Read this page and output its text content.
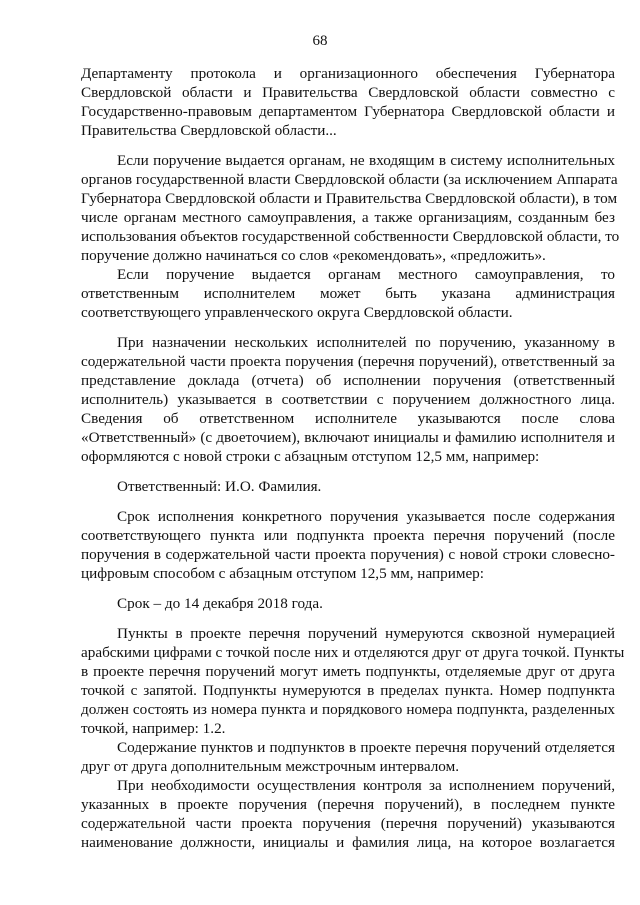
68
Департаменту протокола и организационного обеспечения Губернатора
Свердловской области и Правительства Свердловской области совместно с
Государственно-правовым департаментом Губернатора Свердловской области и
Правительства Свердловской области...
Если поручение выдается органам, не входящим в систему исполнительных
органов государственной власти Свердловской области (за исключением Аппарата
Губернатора Свердловской области и Правительства Свердловской области), в том
числе органам местного самоуправления, а также организациям, созданным без
использования объектов государственной собственности Свердловской области, то
поручение должно начинаться со слов «рекомендовать», «предложить».
Если поручение выдается органам местного самоуправления, то
ответственным исполнителем может быть указана администрация
соответствующего управленческого округа Свердловской области.
При назначении нескольких исполнителей по поручению, указанному в
содержательной части проекта поручения (перечня поручений), ответственный за
представление доклада (отчета) об исполнении поручения (ответственный
исполнитель) указывается в соответствии с поручением должностного лица.
Сведения об ответственном исполнителе указываются после слова
«Ответственный» (с двоеточием), включают инициалы и фамилию исполнителя и
оформляются с новой строки с абзацным отступом 12,5 мм, например:
Ответственный: И.О. Фамилия.
Срок исполнения конкретного поручения указывается после содержания
соответствующего пункта или подпункта проекта перечня поручений (после
поручения в содержательной части проекта поручения) с новой строки словесно-
цифровым способом с абзацным отступом 12,5 мм, например:
Срок – до 14 декабря 2018 года.
Пункты в проекте перечня поручений нумеруются сквозной нумерацией
арабскими цифрами с точкой после них и отделяются друг от друга точкой. Пункты
в проекте перечня поручений могут иметь подпункты, отделяемые друг от друга
точкой с запятой. Подпункты нумеруются в пределах пункта. Номер подпункта
должен состоять из номера пункта и порядкового номера подпункта, разделенных
точкой, например: 1.2.
Содержание пунктов и подпунктов в проекте перечня поручений отделяется
друг от друга дополнительным межстрочным интервалом.
При необходимости осуществления контроля за исполнением поручений,
указанных в проекте поручения (перечня поручений), в последнем пункте
содержательной части проекта поручения (перечня поручений) указываются
наименование должности, инициалы и фамилия лица, на которое возлагается
